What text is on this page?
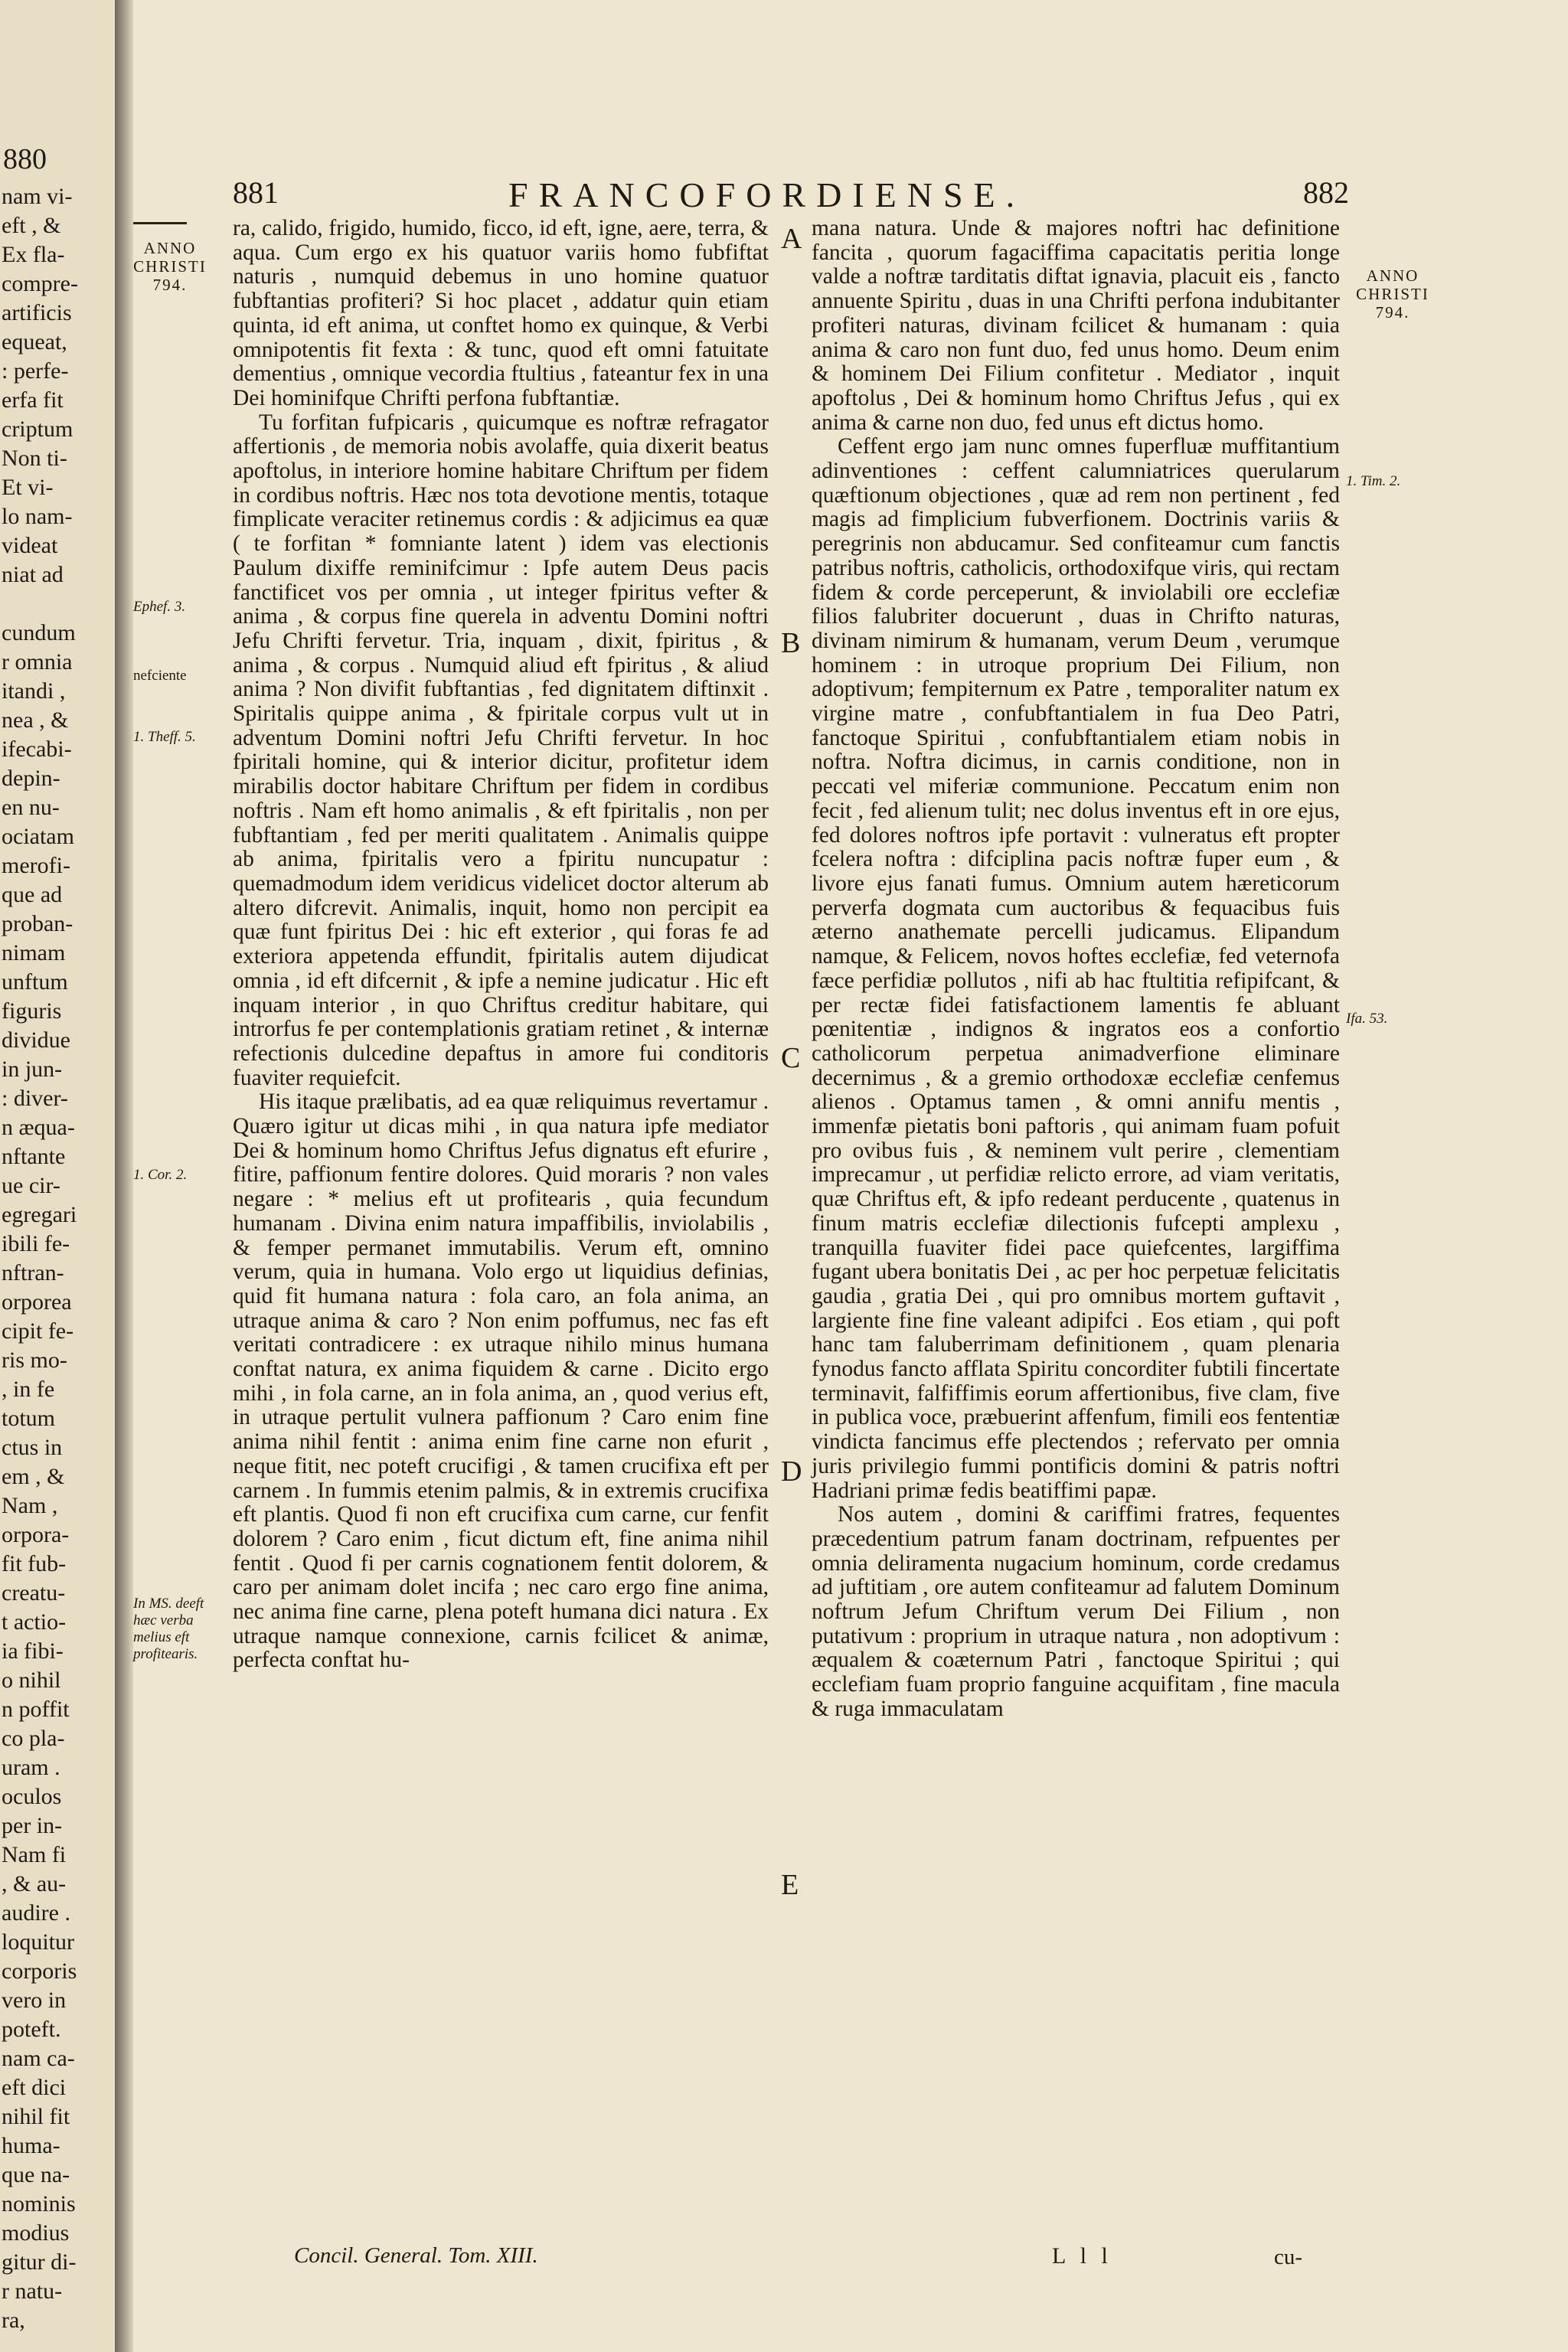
880
nam vi-
eft , &
Ex fla-
compre-
artificis
equeat,
: perfe-
erfa fit
criptum
Non ti-
Et vi-
lo nam-
videat
niat ad

cundum
r omnia
itandi ,
nea , &
ifecabi-
depin-
en nu-
ociatam
merofi-
que ad
proban-
nimam
unftum
figuris
dividue
in jun-
: diver-
n æqua-
nftante
ue cir-
egregari
ibili fe-
nftran-
orporea
cipit fe-
ris mo-
, in fe
totum
ctus in
em , &
Nam ,
orpora-
fit fub-
creatu-
t actio-
ia fibi-
o nihil
n poffit
co pla-
uram .
oculos
per in-
Nam fi
, & au-
audire .
loquitur
corporis
vero in
poteft.
nam ca-
eft dici
nihil fit
huma-
que na-
nominis
modius
gitur di-
r natu-
ra,
881	FRANCOFORDIENSE.	882
ANNO
CHRISTI
794.	ANNO
CHRISTI
794.
Ephef. 3.
nefciente
1. Theff. 5.
1. Cor. 2.
In MS. deeft hæc verba melius eft profitearis.
1. Tim. 2.
Ifa. 53.
A
B
C
D
E

ra, calido, frigido, humido, ficco, id eft, igne, aere, terra, & aqua. Cum ergo ex his quatuor variis homo fubfiftat naturis , numquid debemus in uno homine quatuor fubftantias profiteri? Si hoc placet , addatur quin etiam quinta, id eft anima, ut conftet homo ex quinque, & Verbi omnipotentis fit fexta : & tunc, quod eft omni fatuitate dementius , omnique vecordia ftultius , fateantur fex in una Dei hominifque Chrifti perfona fubftantiæ.

Tu forfitan fufpicaris , quicumque es noftræ refragator affertionis , de memoria nobis avolaffe, quia dixerit beatus apoftolus, in interiore homine habitare Chriftum per fidem in cordibus noftris. Hæc nos tota devotione mentis, totaque fimplicate veraciter retinemus cordis : & adjicimus ea quæ ( te forfitan * fomniante latent ) idem vas electionis Paulum dixiffe reminifcimur : Ipfe autem Deus pacis fanctificet vos per omnia , ut integer fpiritus vefter & anima , & corpus fine querela in adventu Domini noftri Jefu Chrifti fervetur. Tria, inquam , dixit, fpiritus , & anima , & corpus . Numquid aliud eft fpiritus , & aliud anima ? Non divifit fubftantias , fed dignitatem diftinxit . Spiritalis quippe anima , & fpiritale corpus vult ut in adventum Domini noftri Jefu Chrifti fervetur. In hoc fpiritali homine, qui & interior dicitur, profitetur idem mirabilis doctor habitare Chriftum per fidem in cordibus noftris . Nam eft homo animalis , & eft fpiritalis , non per fubftantiam , fed per meriti qualitatem . Animalis quippe ab anima, fpiritalis vero a fpiritu nuncupatur : quemadmodum idem veridicus videlicet doctor alterum ab altero difcrevit. Animalis, inquit, homo non percipit ea quæ funt fpiritus Dei : hic eft exterior , qui foras fe ad exteriora appetenda effundit, fpiritalis autem dijudicat omnia , id eft difcernit , & ipfe a nemine judicatur . Hic eft inquam interior , in quo Chriftus creditur habitare, qui introrfus fe per contemplationis gratiam retinet , & internæ refectionis dulcedine depaftus in amore fui conditoris fuaviter requiefcit.

His itaque prælibatis, ad ea quæ reliquimus revertamur . Quæro igitur ut dicas mihi , in qua natura ipfe mediator Dei & hominum homo Chriftus Jefus dignatus eft efurire , fitire, paffionum fentire dolores. Quid moraris ? non vales negare : * melius eft ut profitearis , quia fecundum humanam . Divina enim natura impaffibilis, inviolabilis , & femper permanet immutabilis. Verum eft, omnino verum, quia in humana. Volo ergo ut liquidius definias, quid fit humana natura : fola caro, an fola anima, an utraque anima & caro ? Non enim poffumus, nec fas eft veritati contradicere : ex utraque nihilo minus humana conftat natura, ex anima fiquidem & carne . Dicito ergo mihi , in fola carne, an in fola anima, an , quod verius eft, in utraque pertulit vulnera paffionum ? Caro enim fine anima nihil fentit : anima enim fine carne non efurit , neque fitit, nec poteft crucifigi , & tamen crucifixa eft per carnem . In fummis etenim palmis, & in extremis crucifixa eft plantis. Quod fi non eft crucifixa cum carne, cur fenfit dolorem ? Caro enim , ficut dictum eft, fine anima nihil fentit . Quod fi per carnis cognationem fentit dolorem, & caro per animam dolet incifa ; nec caro ergo fine anima, nec anima fine carne, plena poteft humana dici natura . Ex utraque namque connexione, carnis fcilicet & animæ, perfecta conftat hu-

mana natura. Unde & majores noftri hac definitione fancita , quorum fagaciffima capacitatis peritia longe valde a noftræ tarditatis diftat ignavia, placuit eis , fancto annuente Spiritu , duas in una Chrifti perfona indubitanter profiteri naturas, divinam fcilicet & humanam : quia anima & caro non funt duo, fed unus homo. Deum enim & hominem Dei Filium confitetur . Mediator , inquit apoftolus , Dei & hominum homo Chriftus Jefus , qui ex anima & carne non duo, fed unus eft dictus homo.

Ceffent ergo jam nunc omnes fuperfluæ muffitantium adinventiones : ceffent calumniatrices querularum quæftionum objectiones , quæ ad rem non pertinent , fed magis ad fimplicium fubverfionem. Doctrinis variis & peregrinis non abducamur. Sed confiteamur cum fanctis patribus noftris, catholicis, orthodoxifque viris, qui rectam fidem & corde perceperunt, & inviolabili ore ecclefiæ filios falubriter docuerunt , duas in Chrifto naturas, divinam nimirum & humanam, verum Deum , verumque hominem : in utroque proprium Dei Filium, non adoptivum; fempiternum ex Patre , temporaliter natum ex virgine matre , confubftantialem in fua Deo Patri, fanctoque Spiritui , confubftantialem etiam nobis in noftra. Noftra dicimus, in carnis conditione, non in peccati vel miferiæ communione. Peccatum enim non fecit , fed alienum tulit; nec dolus inventus eft in ore ejus, fed dolores noftros ipfe portavit : vulneratus eft propter fcelera noftra : difciplina pacis noftræ fuper eum , & livore ejus fanati fumus. Omnium autem hæreticorum perverfa dogmata cum auctoribus & fequacibus fuis æterno anathemate percelli judicamus. Elipandum namque, & Felicem, novos hoftes ecclefiæ, fed veternofa fæce perfidiæ pollutos , nifi ab hac ftultitia refipifcant, & per rectæ fidei fatisfactionem lamentis fe abluant pœnitentiæ , indignos & ingratos eos a confortio catholicorum perpetua animadverfione eliminare decernimus , & a gremio orthodoxæ ecclefiæ cenfemus alienos . Optamus tamen , & omni annifu mentis , immenfæ pietatis boni paftoris , qui animam fuam pofuit pro ovibus fuis , & neminem vult perire , clementiam imprecamur , ut perfidiæ relicto errore, ad viam veritatis, quæ Chriftus eft, & ipfo redeant perducente , quatenus in finum matris ecclefiæ dilectionis fufcepti amplexu , tranquilla fuaviter fidei pace quiefcentes, largiffima fugant ubera bonitatis Dei , ac per hoc perpetuæ felicitatis gaudia , gratia Dei , qui pro omnibus mortem guftavit , largiente fine fine valeant adipifci . Eos etiam , qui poft hanc tam faluberrimam definitionem , quam plenaria fynodus fancto afflata Spiritu concorditer fubtili fincertate terminavit, falfiffimis eorum affertionibus, five clam, five in publica voce, præbuerint affenfum, fimili eos fententiæ vindicta fancimus effe plectendos ; refervato per omnia juris privilegio fummi pontificis domini & patris noftri Hadriani primæ fedis beatiffimi papæ.

Nos autem , domini & cariffimi fratres, fequentes præcedentium patrum fanam doctrinam, refpuentes per omnia deliramenta nugacium hominum, corde credamus ad juftitiam , ore autem confiteamur ad falutem Dominum noftrum Jefum Chriftum verum Dei Filium , non putativum : proprium in utraque natura , non adoptivum : æqualem & coæternum Patri , fanctoque Spiritui ; qui ecclefiam fuam proprio fanguine acquifitam , fine macula & ruga immaculatam

Concil. General. Tom. XIII.	L l l	cu-
